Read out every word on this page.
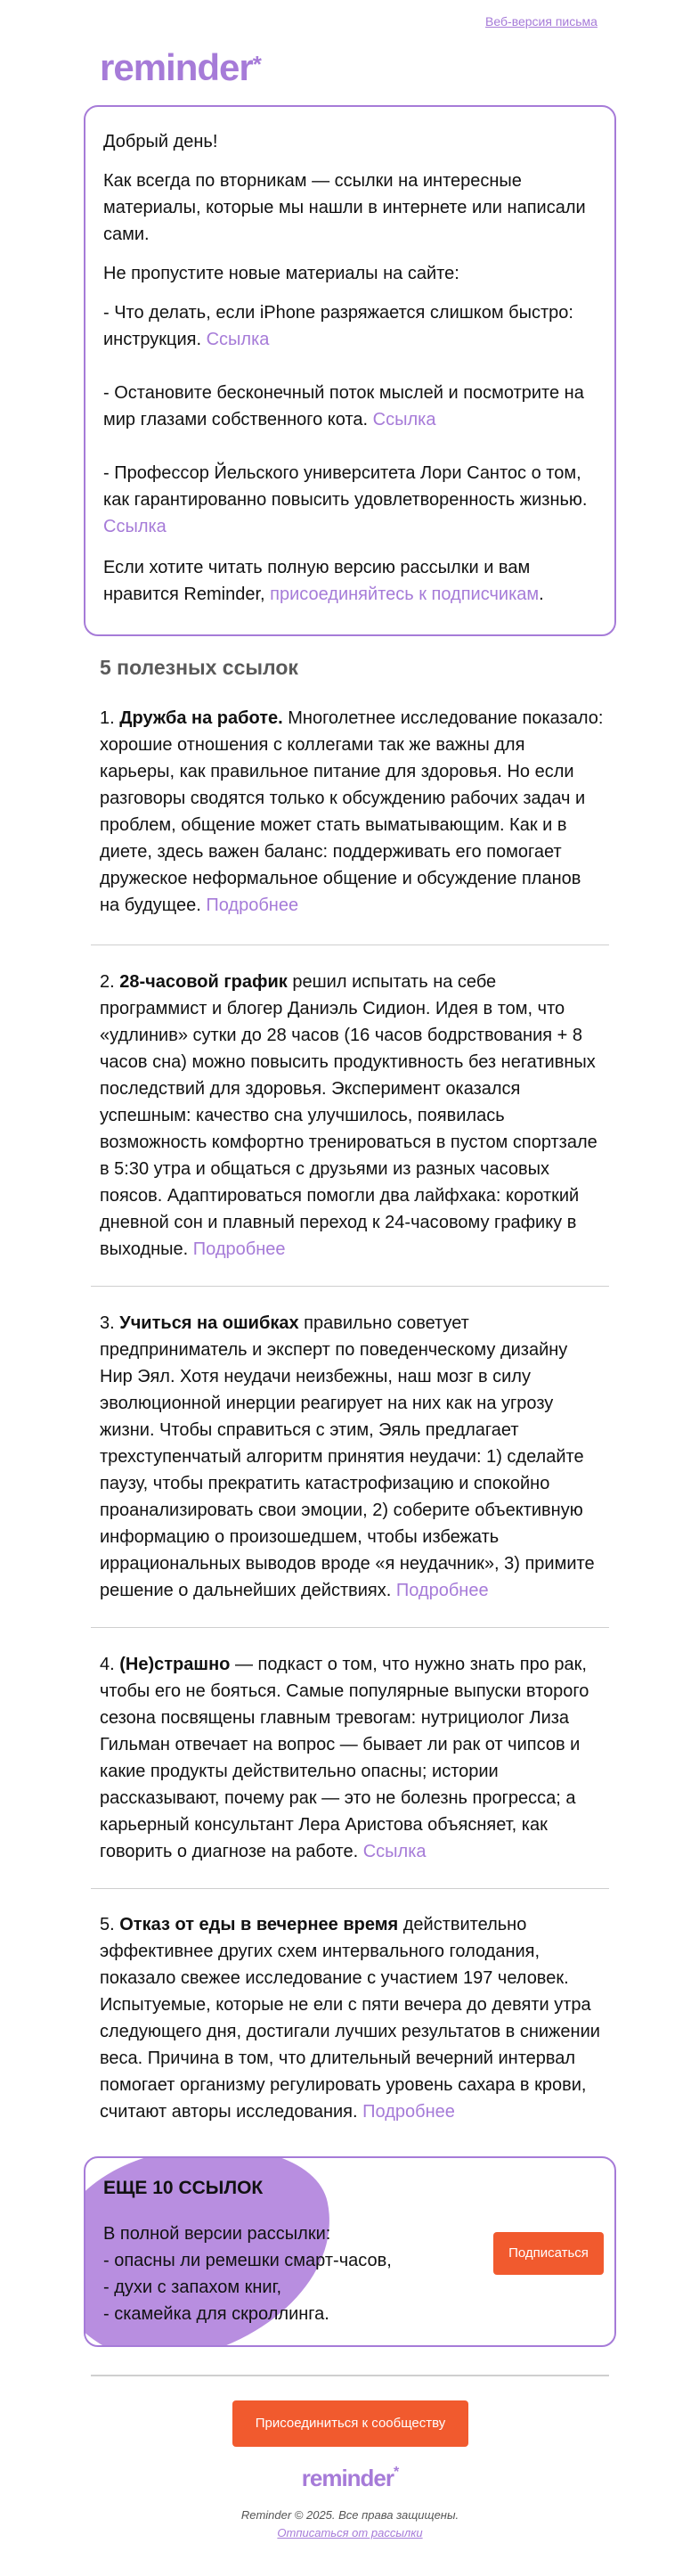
Веб-версия письма
reminder*

Добрый день!

Как всегда по вторникам — ссылки на интересные материалы, которые мы нашли в интернете или написали сами.

Не пропустите новые материалы на сайте:

- Что делать, если iPhone разряжается слишком быстро: инструкция. Ссылка

- Остановите бесконечный поток мыслей и посмотрите на мир глазами собственного кота. Ссылка

- Профессор Йельского университета Лори Сантос о том, как гарантированно повысить удовлетворенность жизнью. Ссылка

Если хотите читать полную версию рассылки и вам нравится Reminder, присоединяйтесь к подписчикам.

5 полезных ссылок

1. Дружба на работе. Многолетнее исследование показало: хорошие отношения с коллегами так же важны для карьеры, как правильное питание для здоровья. Но если разговоры сводятся только к обсуждению рабочих задач и проблем, общение может стать выматывающим. Как и в диете, здесь важен баланс: поддерживать его помогает дружеское неформальное общение и обсуждение планов на будущее. Подробнее

2. 28-часовой график решил испытать на себе программист и блогер Даниэль Сидион. Идея в том, что «удлинив» сутки до 28 часов (16 часов бодрствования + 8 часов сна) можно повысить продуктивность без негативных последствий для здоровья. Эксперимент оказался успешным: качество сна улучшилось, появилась возможность комфортно тренироваться в пустом спортзале в 5:30 утра и общаться с друзьями из разных часовых поясов. Адаптироваться помогли два лайфхака: короткий дневной сон и плавный переход к 24-часовому графику в выходные. Подробнее

3. Учиться на ошибках правильно советует предприниматель и эксперт по поведенческому дизайну Нир Эял. Хотя неудачи неизбежны, наш мозг в силу эволюционной инерции реагирует на них как на угрозу жизни. Чтобы справиться с этим, Эяль предлагает трехступенчатый алгоритм принятия неудачи: 1) сделайте паузу, чтобы прекратить катастрофизацию и спокойно проанализировать свои эмоции, 2) соберите объективную информацию о произошедшем, чтобы избежать иррациональных выводов вроде «я неудачник», 3) примите решение о дальнейших действиях. Подробнее

4. (Не)страшно — подкаст о том, что нужно знать про рак, чтобы его не бояться. Самые популярные выпуски второго сезона посвящены главным тревогам: нутрициолог Лиза Гильман отвечает на вопрос — бывает ли рак от чипсов и какие продукты действительно опасны; истории рассказывают, почему рак — это не болезнь прогресса; а карьерный консультант Лера Аристова объясняет, как говорить о диагнозе на работе. Ссылка

5. Отказ от еды в вечернее время действительно эффективнее других схем интервального голодания, показало свежее исследование с участием 197 человек. Испытуемые, которые не ели с пяти вечера до девяти утра следующего дня, достигали лучших результатов в снижении веса. Причина в том, что длительный вечерний интервал помогает организму регулировать уровень сахара в крови, считают авторы исследования. Подробнее

ЕЩЕ 10 ССЫЛОК
В полной версии рассылки:
- опасны ли ремешки смарт-часов,
- духи с запахом книг,
- скамейка для скроллинга.
Подписаться
Присоединиться к сообществу
reminder*
Reminder © 2025. Все права защищены.
Отписаться от рассылки
